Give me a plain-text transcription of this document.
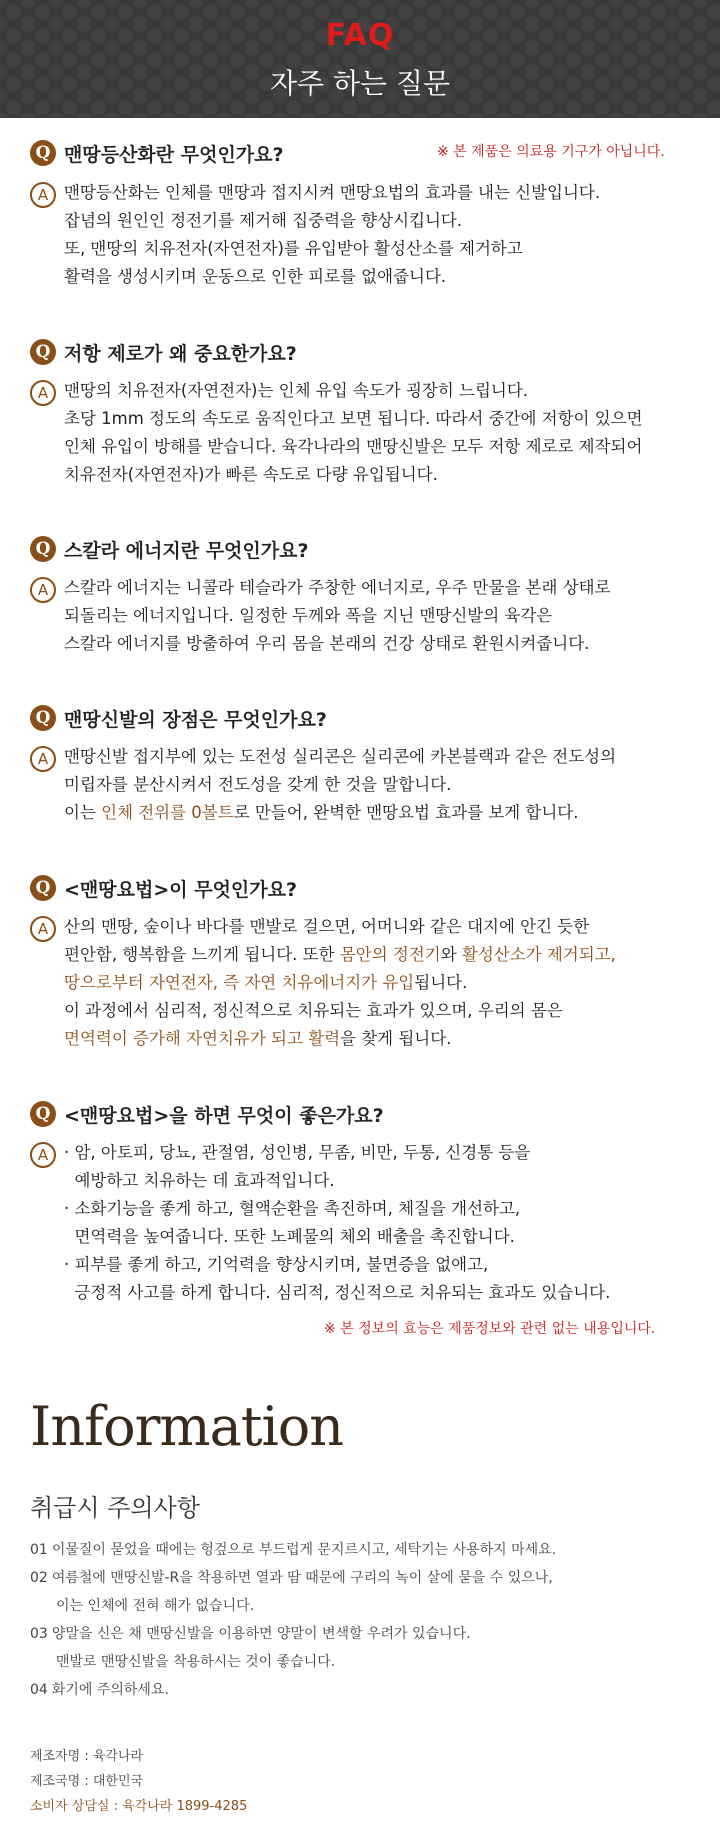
FAQ
자주 하는 질문
※ 본 제품은 의료용 기구가 아닙니다.
Q 맨땅등산화란 무엇인가요?
A 맨땅등산화는 인체를 맨땅과 접지시켜 맨땅요법의 효과를 내는 신발입니다.
잡념의 원인인 정전기를 제거해 집중력을 향상시킵니다.
또, 맨땅의 치유전자(자연전자)를 유입받아 활성산소를 제거하고
활력을 생성시키며 운동으로 인한 피로를 없애줍니다.
Q 저항 제로가 왜 중요한가요?
A 맨땅의 치유전자(자연전자)는 인체 유입 속도가 굉장히 느립니다.
초당 1mm 정도의 속도로 움직인다고 보면 됩니다. 따라서 중간에 저항이 있으면
인체 유입이 방해를 받습니다. 육각나라의 맨땅신발은 모두 저항 제로로 제작되어
치유전자(자연전자)가 빠른 속도로 다량 유입됩니다.
Q 스칼라 에너지란 무엇인가요?
A 스칼라 에너지는 니콜라 테슬라가 주창한 에너지로, 우주 만물을 본래 상태로
되돌리는 에너지입니다. 일정한 두께와 폭을 지닌 맨땅신발의 육각은
스칼라 에너지를 방출하여 우리 몸을 본래의 건강 상태로 환원시켜줍니다.
Q 맨땅신발의 장점은 무엇인가요?
A 맨땅신발 접지부에 있는 도전성 실리콘은 실리콘에 카본블랙과 같은 전도성의
미립자를 분산시켜서 전도성을 갖게 한 것을 말합니다.
이는 인체 전위를 0볼트로 만들어, 완벽한 맨땅요법 효과를 보게 합니다.
Q <맨땅요법>이 무엇인가요?
A 산의 맨땅, 숲이나 바다를 맨발로 걸으면, 어머니와 같은 대지에 안긴 듯한
편안함, 행복함을 느끼게 됩니다. 또한 몸안의 정전기와 활성산소가 제거되고,
땅으로부터 자연전자, 즉 자연 치유에너지가 유입됩니다.
이 과정에서 심리적, 정신적으로 치유되는 효과가 있으며, 우리의 몸은
면역력이 증가해 자연치유가 되고 활력을 찾게 됩니다.
Q <맨땅요법>을 하면 무엇이 좋은가요?
A · 암, 아토피, 당뇨, 관절염, 성인병, 무좀, 비만, 두통, 신경통 등을
예방하고 치유하는 데 효과적입니다.
· 소화기능을 좋게 하고, 혈액순환을 촉진하며, 체질을 개선하고,
면역력을 높여줍니다. 또한 노폐물의 체외 배출을 촉진합니다.
· 피부를 좋게 하고, 기억력을 향상시키며, 불면증을 없애고,
긍정적 사고를 하게 합니다. 심리적, 정신적으로 치유되는 효과도 있습니다.
※ 본 정보의 효능은 제품정보와 관련 없는 내용입니다.
Information
취급시 주의사항
01 이물질이 묻었을 때에는 헝겊으로 부드럽게 문지르시고, 세탁기는 사용하지 마세요.
02 여름철에 맨땅신발-R을 착용하면 열과 땀 때문에 구리의 녹이 살에 묻을 수 있으나,
이는 인체에 전혀 해가 없습니다.
03 양말을 신은 채 맨땅신발을 이용하면 양말이 변색할 우려가 있습니다.
맨발로 맨땅신발을 착용하시는 것이 좋습니다.
04 화기에 주의하세요.
제조자명 : 육각나라
제조국명 : 대한민국
소비자 상담실 : 육각나라 1899-4285
